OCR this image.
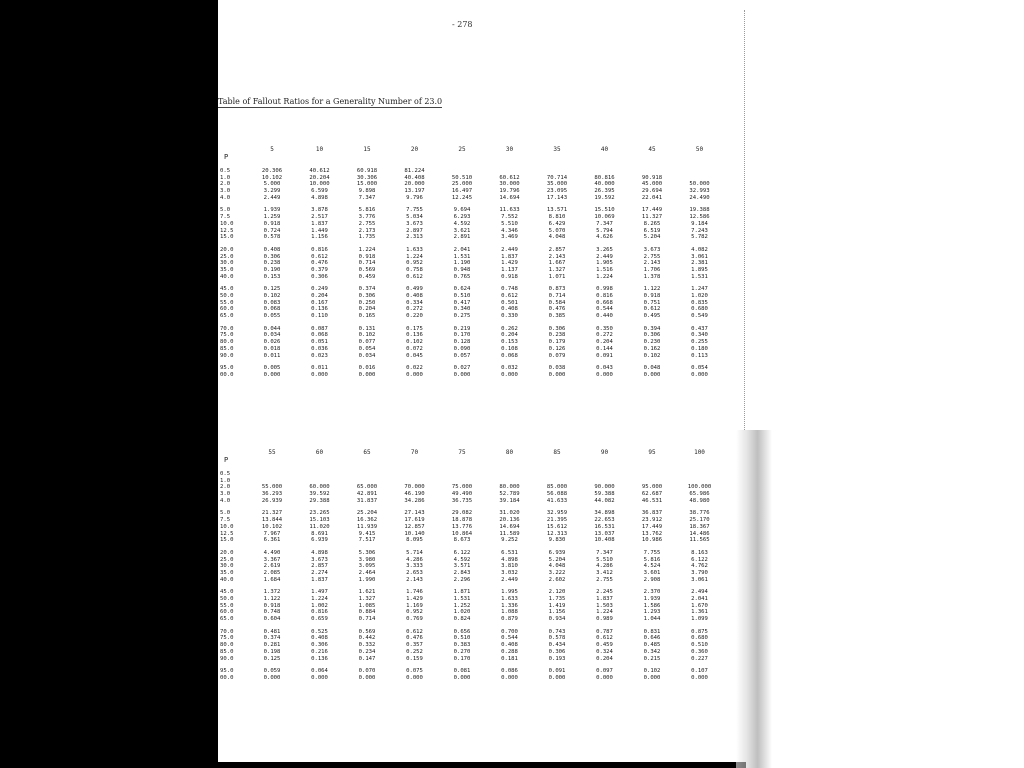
- 278
Table of Fallout Ratios for a Generality Number of 23.0
P
5	10	15	20	25	30	35	40	45	50
0.5	20.306	40.612	60.918	81.224
1.0	10.102	20.204	30.306	40.408	50.510	60.612	70.714	80.816	90.918
2.0	5.000	10.000	15.000	20.000	25.000	30.000	35.000	40.000	45.000	50.000
3.0	3.299	6.599	9.898	13.197	16.497	19.796	23.095	26.395	29.694	32.993
4.0	2.449	4.898	7.347	9.796	12.245	14.694	17.143	19.592	22.041	24.490
5.0	1.939	3.878	5.816	7.755	9.694	11.633	13.571	15.510	17.449	19.388
7.5	1.259	2.517	3.776	5.034	6.293	7.552	8.810	10.069	11.327	12.586
10.0	0.918	1.837	2.755	3.673	4.592	5.510	6.429	7.347	8.265	9.184
12.5	0.724	1.449	2.173	2.897	3.621	4.346	5.070	5.794	6.519	7.243
15.0	0.578	1.156	1.735	2.313	2.891	3.469	4.048	4.626	5.204	5.782
20.0	0.408	0.816	1.224	1.633	2.041	2.449	2.857	3.265	3.673	4.082
25.0	0.306	0.612	0.918	1.224	1.531	1.837	2.143	2.449	2.755	3.061
30.0	0.238	0.476	0.714	0.952	1.190	1.429	1.667	1.905	2.143	2.381
35.0	0.190	0.379	0.569	0.758	0.948	1.137	1.327	1.516	1.706	1.895
40.0	0.153	0.306	0.459	0.612	0.765	0.918	1.071	1.224	1.378	1.531
45.0	0.125	0.249	0.374	0.499	0.624	0.748	0.873	0.998	1.122	1.247
50.0	0.102	0.204	0.306	0.408	0.510	0.612	0.714	0.816	0.918	1.020
55.0	0.083	0.167	0.250	0.334	0.417	0.501	0.584	0.668	0.751	0.835
60.0	0.068	0.136	0.204	0.272	0.340	0.408	0.476	0.544	0.612	0.680
65.0	0.055	0.110	0.165	0.220	0.275	0.330	0.385	0.440	0.495	0.549
70.0	0.044	0.087	0.131	0.175	0.219	0.262	0.306	0.350	0.394	0.437
75.0	0.034	0.068	0.102	0.136	0.170	0.204	0.238	0.272	0.306	0.340
80.0	0.026	0.051	0.077	0.102	0.128	0.153	0.179	0.204	0.230	0.255
85.0	0.018	0.036	0.054	0.072	0.090	0.108	0.126	0.144	0.162	0.180
90.0	0.011	0.023	0.034	0.045	0.057	0.068	0.079	0.091	0.102	0.113
95.0	0.005	0.011	0.016	0.022	0.027	0.032	0.038	0.043	0.048	0.054
00.0	0.000	0.000	0.000	0.000	0.000	0.000	0.000	0.000	0.000	0.000
P
55	60	65	70	75	80	85	90	95	100
0.5
1.0
2.0	55.000	60.000	65.000	70.000	75.000	80.000	85.000	90.000	95.000	100.000
3.0	36.293	39.592	42.891	46.190	49.490	52.789	56.088	59.388	62.687	65.986
4.0	26.939	29.388	31.837	34.286	36.735	39.184	41.633	44.082	46.531	48.980
5.0	21.327	23.265	25.204	27.143	29.082	31.020	32.959	34.898	36.837	38.776
7.5	13.844	15.103	16.362	17.619	18.878	20.136	21.395	22.653	23.912	25.170
10.0	10.102	11.020	11.939	12.857	13.776	14.694	15.612	16.531	17.449	18.367
12.5	7.967	8.691	9.415	10.140	10.864	11.589	12.313	13.037	13.762	14.486
15.0	6.361	6.939	7.517	8.095	8.673	9.252	9.830	10.408	10.986	11.565
20.0	4.490	4.898	5.306	5.714	6.122	6.531	6.939	7.347	7.755	8.163
25.0	3.367	3.673	3.980	4.286	4.592	4.898	5.204	5.510	5.816	6.122
30.0	2.619	2.857	3.095	3.333	3.571	3.810	4.048	4.286	4.524	4.762
35.0	2.085	2.274	2.464	2.653	2.843	3.032	3.222	3.412	3.601	3.790
40.0	1.684	1.837	1.990	2.143	2.296	2.449	2.602	2.755	2.908	3.061
45.0	1.372	1.497	1.621	1.746	1.871	1.995	2.120	2.245	2.370	2.494
50.0	1.122	1.224	1.327	1.429	1.531	1.633	1.735	1.837	1.939	2.041
55.0	0.918	1.002	1.085	1.169	1.252	1.336	1.419	1.503	1.586	1.670
60.0	0.748	0.816	0.884	0.952	1.020	1.088	1.156	1.224	1.293	1.361
65.0	0.604	0.659	0.714	0.769	0.824	0.879	0.934	0.989	1.044	1.099
70.0	0.481	0.525	0.569	0.612	0.656	0.700	0.743	0.787	0.831	0.875
75.0	0.374	0.408	0.442	0.476	0.510	0.544	0.578	0.612	0.646	0.680
80.0	0.281	0.306	0.332	0.357	0.383	0.408	0.434	0.459	0.485	0.510
85.0	0.198	0.216	0.234	0.252	0.270	0.288	0.306	0.324	0.342	0.360
90.0	0.125	0.136	0.147	0.159	0.170	0.181	0.193	0.204	0.215	0.227
95.0	0.059	0.064	0.070	0.075	0.081	0.086	0.091	0.097	0.102	0.107
00.0	0.000	0.000	0.000	0.000	0.000	0.000	0.000	0.000	0.000	0.000
